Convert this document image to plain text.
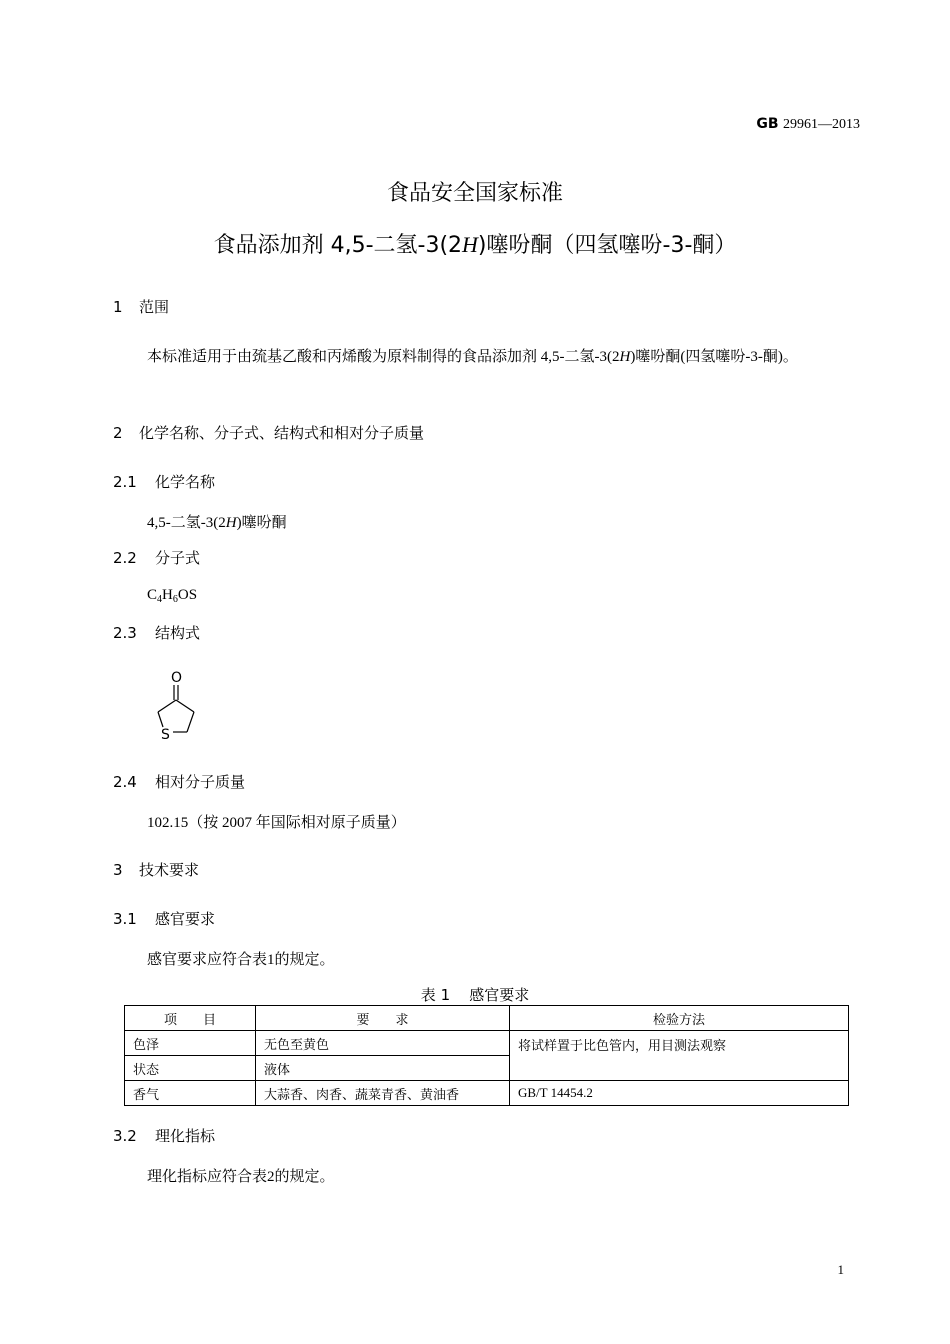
GB 29961—2013
食品安全国家标准
食品添加剂 4,5-二氢-3(2H)噻吩酮（四氢噻吩-3-酮）
1 范围
本标准适用于由巯基乙酸和丙烯酸为原料制得的食品添加剂 4,5-二氢-3(2H)噻吩酮(四氢噻吩-3-酮)。
2 化学名称、分子式、结构式和相对分子质量
2.1 化学名称
4,5-二氢-3(2H)噻吩酮
2.2 分子式
$C_4H_6OS$
2.3 结构式
O
S
2.4 相对分子质量
102.15（按 2007 年国际相对原子质量）
3 技术要求
3.1 感官要求
感官要求应符合表1的规定。
表 1 感官要求
项　　目	要　　求	检验方法
色泽	无色至黄色	将试样置于比色管内，用目测法观察
状态	液体	
香气	大蒜香、肉香、蔬菜青香、黄油香	GB/T 14454.2
3.2 理化指标
理化指标应符合表2的规定。
1
